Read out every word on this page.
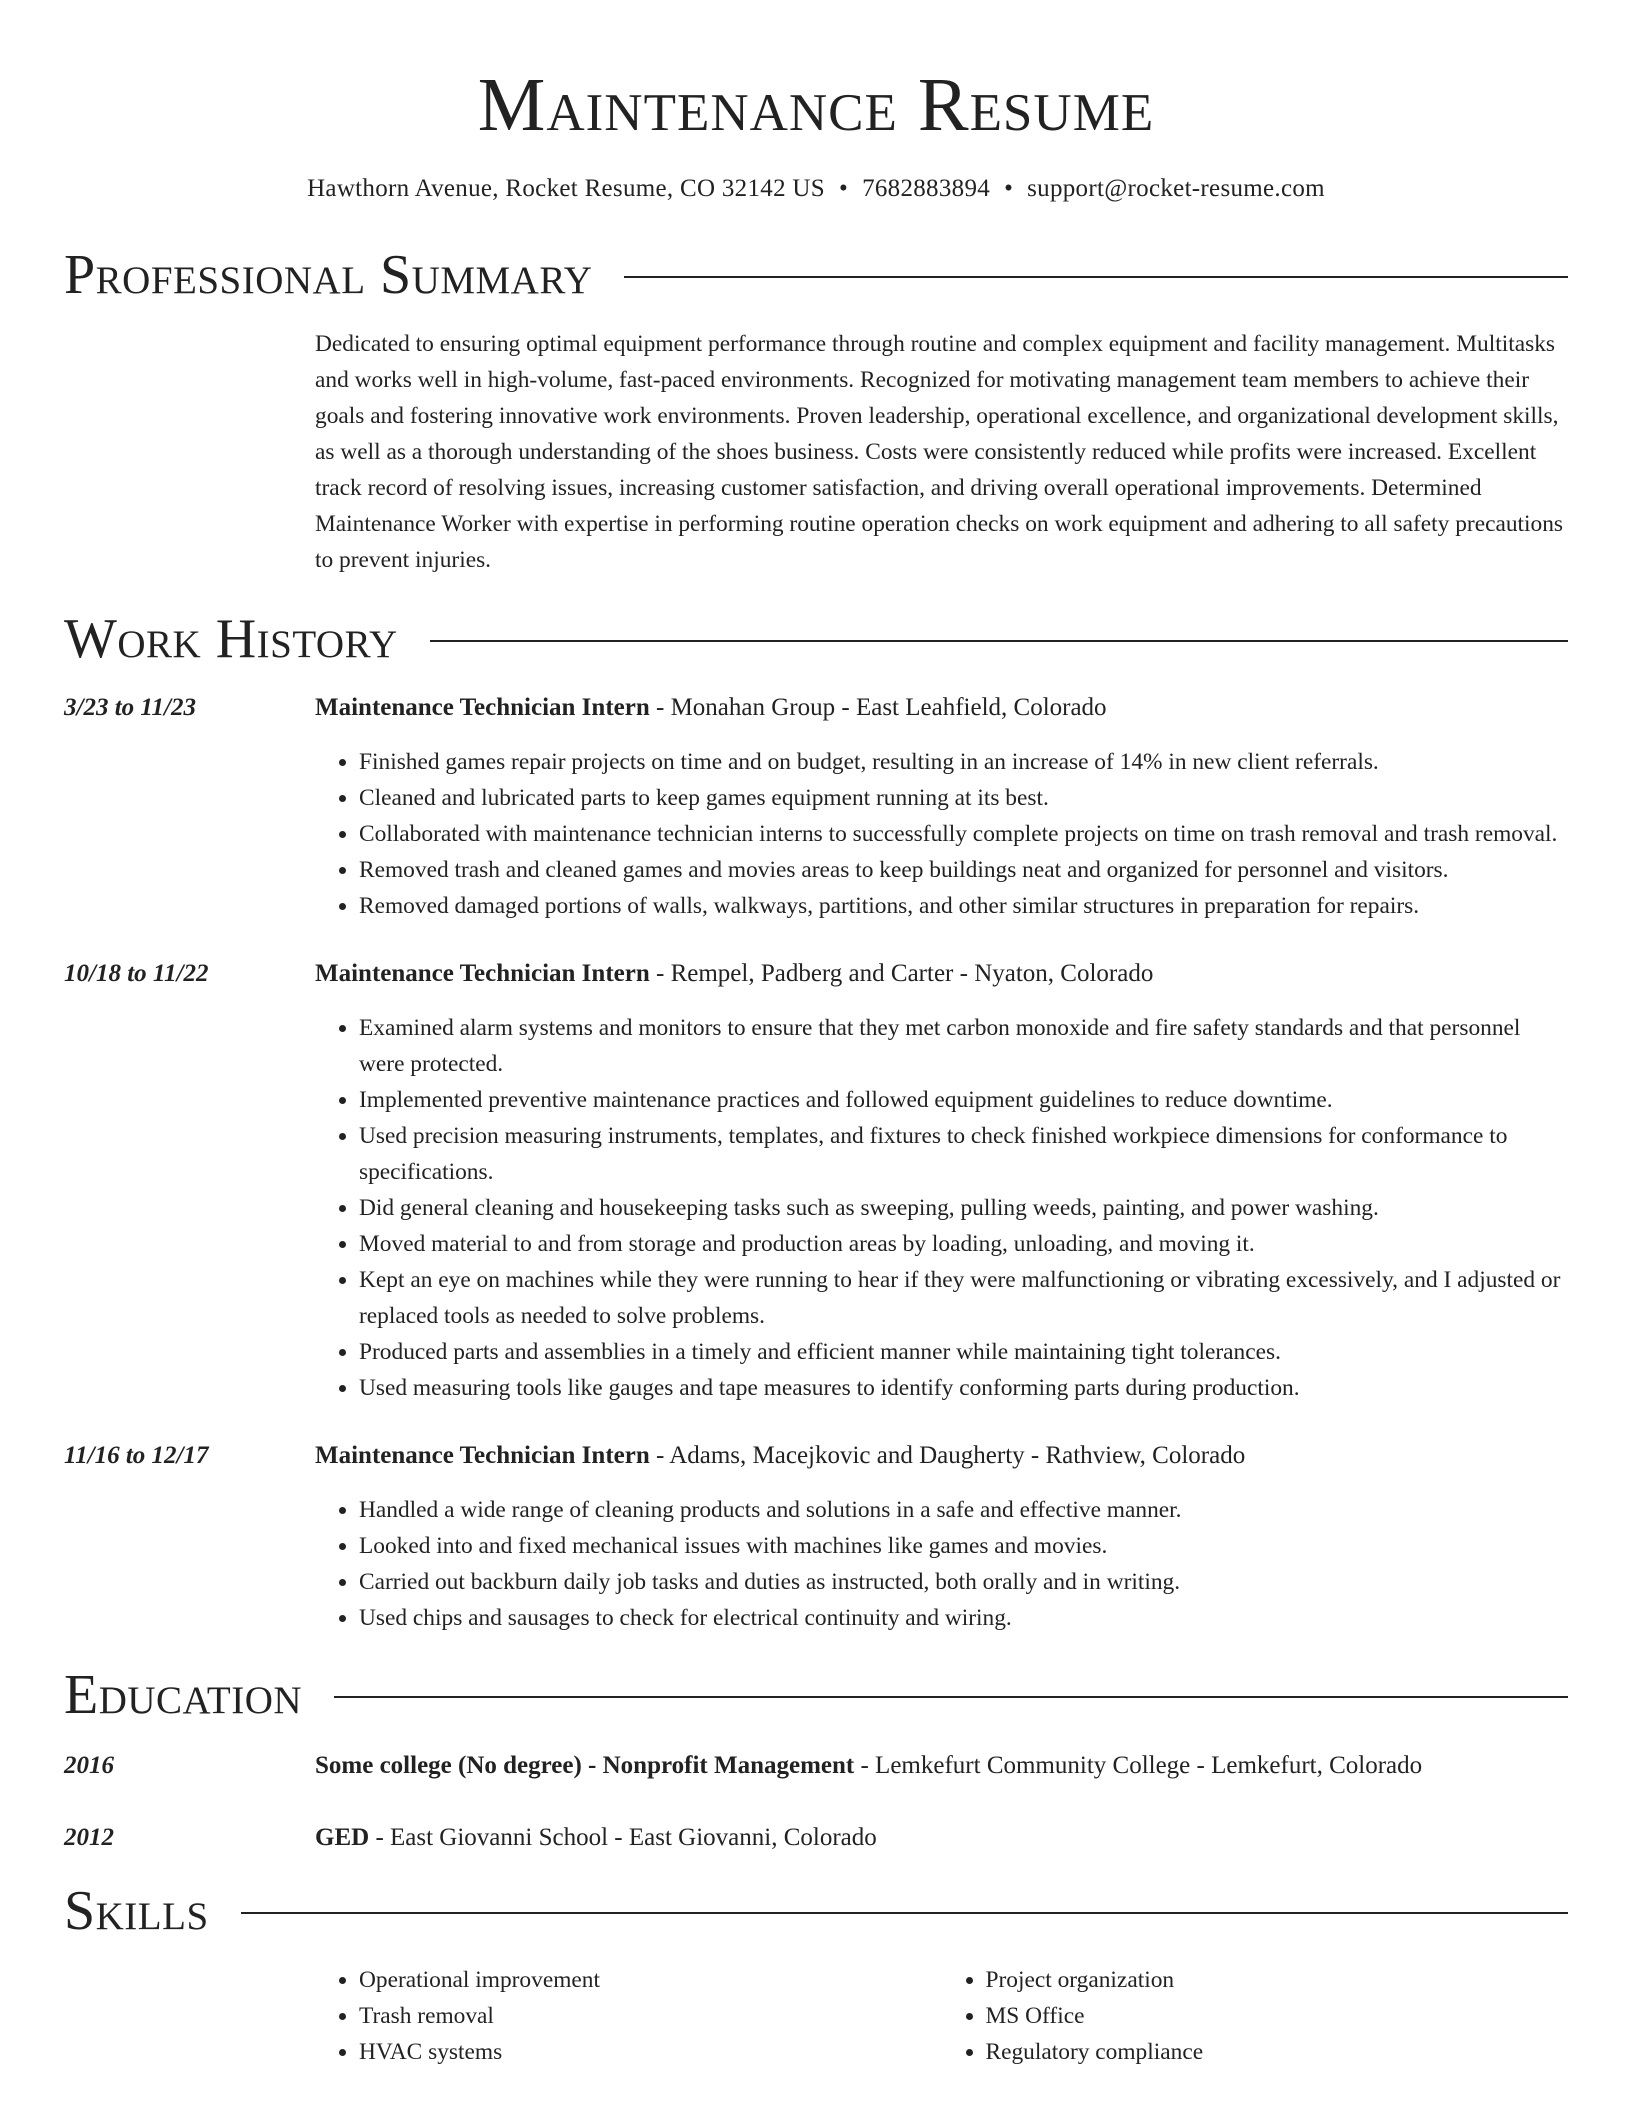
Maintenance Resume
Hawthorn Avenue, Rocket Resume, CO 32142 US • 7682883894 • support@rocket-resume.com
Professional Summary
Dedicated to ensuring optimal equipment performance through routine and complex equipment and facility management. Multitasks and works well in high-volume, fast-paced environments. Recognized for motivating management team members to achieve their goals and fostering innovative work environments. Proven leadership, operational excellence, and organizational development skills, as well as a thorough understanding of the shoes business. Costs were consistently reduced while profits were increased. Excellent track record of resolving issues, increasing customer satisfaction, and driving overall operational improvements. Determined Maintenance Worker with expertise in performing routine operation checks on work equipment and adhering to all safety precautions to prevent injuries.
Work History
3/23 to 11/23	Maintenance Technician Intern - Monahan Group - East Leahfield, Colorado
• Finished games repair projects on time and on budget, resulting in an increase of 14% in new client referrals.
• Cleaned and lubricated parts to keep games equipment running at its best.
• Collaborated with maintenance technician interns to successfully complete projects on time on trash removal and trash removal.
• Removed trash and cleaned games and movies areas to keep buildings neat and organized for personnel and visitors.
• Removed damaged portions of walls, walkways, partitions, and other similar structures in preparation for repairs.
10/18 to 11/22	Maintenance Technician Intern - Rempel, Padberg and Carter - Nyaton, Colorado
• Examined alarm systems and monitors to ensure that they met carbon monoxide and fire safety standards and that personnel were protected.
• Implemented preventive maintenance practices and followed equipment guidelines to reduce downtime.
• Used precision measuring instruments, templates, and fixtures to check finished workpiece dimensions for conformance to specifications.
• Did general cleaning and housekeeping tasks such as sweeping, pulling weeds, painting, and power washing.
• Moved material to and from storage and production areas by loading, unloading, and moving it.
• Kept an eye on machines while they were running to hear if they were malfunctioning or vibrating excessively, and I adjusted or replaced tools as needed to solve problems.
• Produced parts and assemblies in a timely and efficient manner while maintaining tight tolerances.
• Used measuring tools like gauges and tape measures to identify conforming parts during production.
11/16 to 12/17	Maintenance Technician Intern - Adams, Macejkovic and Daugherty - Rathview, Colorado
• Handled a wide range of cleaning products and solutions in a safe and effective manner.
• Looked into and fixed mechanical issues with machines like games and movies.
• Carried out backburn daily job tasks and duties as instructed, both orally and in writing.
• Used chips and sausages to check for electrical continuity and wiring.
Education
2016	Some college (No degree) - Nonprofit Management - Lemkefurt Community College - Lemkefurt, Colorado
2012	GED - East Giovanni School - East Giovanni, Colorado
Skills
• Operational improvement
• Trash removal
• HVAC systems
• Project organization
• MS Office
• Regulatory compliance
